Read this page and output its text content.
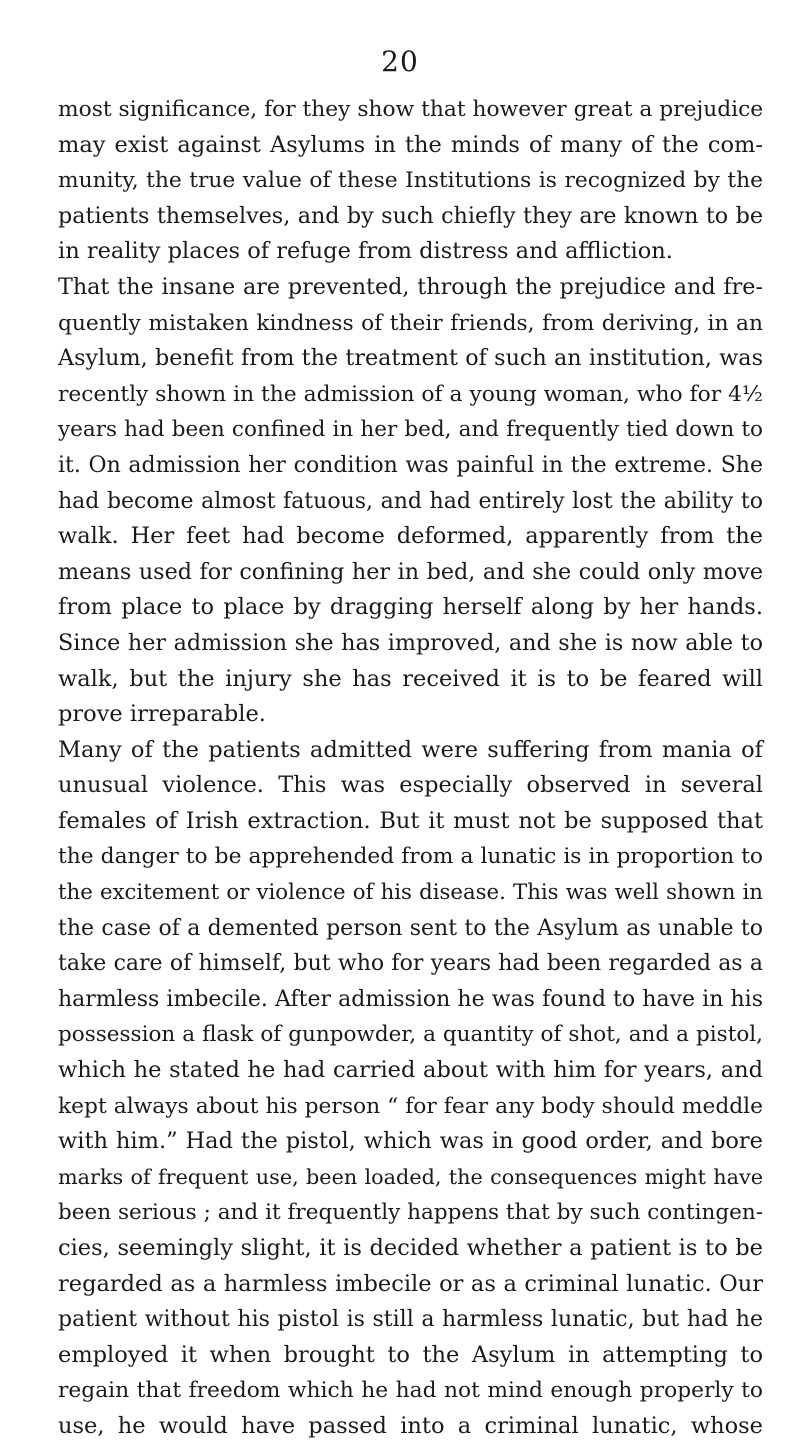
20
most significance, for they show that however great a prejudice
may exist against Asylums in the minds of many of the com-
munity, the true value of these Institutions is recognized by the
patients themselves, and by such chiefly they are known to be
in reality places of refuge from distress and affliction.
That the insane are prevented, through the prejudice and fre-
quently mistaken kindness of their friends, from deriving, in an
Asylum, benefit from the treatment of such an institution, was
recently shown in the admission of a young woman, who for 4½
years had been confined in her bed, and frequently tied down to
it. On admission her condition was painful in the extreme. She
had become almost fatuous, and had entirely lost the ability to
walk. Her feet had become deformed, apparently from the
means used for confining her in bed, and she could only move
from place to place by dragging herself along by her hands.
Since her admission she has improved, and she is now able to
walk, but the injury she has received it is to be feared will
prove irreparable.
Many of the patients admitted were suffering from mania of
unusual violence. This was especially observed in several
females of Irish extraction. But it must not be supposed that
the danger to be apprehended from a lunatic is in proportion to
the excitement or violence of his disease. This was well shown in
the case of a demented person sent to the Asylum as unable to
take care of himself, but who for years had been regarded as a
harmless imbecile. After admission he was found to have in his
possession a flask of gunpowder, a quantity of shot, and a pistol,
which he stated he had carried about with him for years, and
kept always about his person “ for fear any body should meddle
with him.” Had the pistol, which was in good order, and bore
marks of frequent use, been loaded, the consequences might have
been serious ; and it frequently happens that by such contingen-
cies, seemingly slight, it is decided whether a patient is to be
regarded as a harmless imbecile or as a criminal lunatic. Our
patient without his pistol is still a harmless lunatic, but had he
employed it when brought to the Asylum in attempting to
regain that freedom which he had not mind enough properly to
use, he would have passed into a criminal lunatic, whose
